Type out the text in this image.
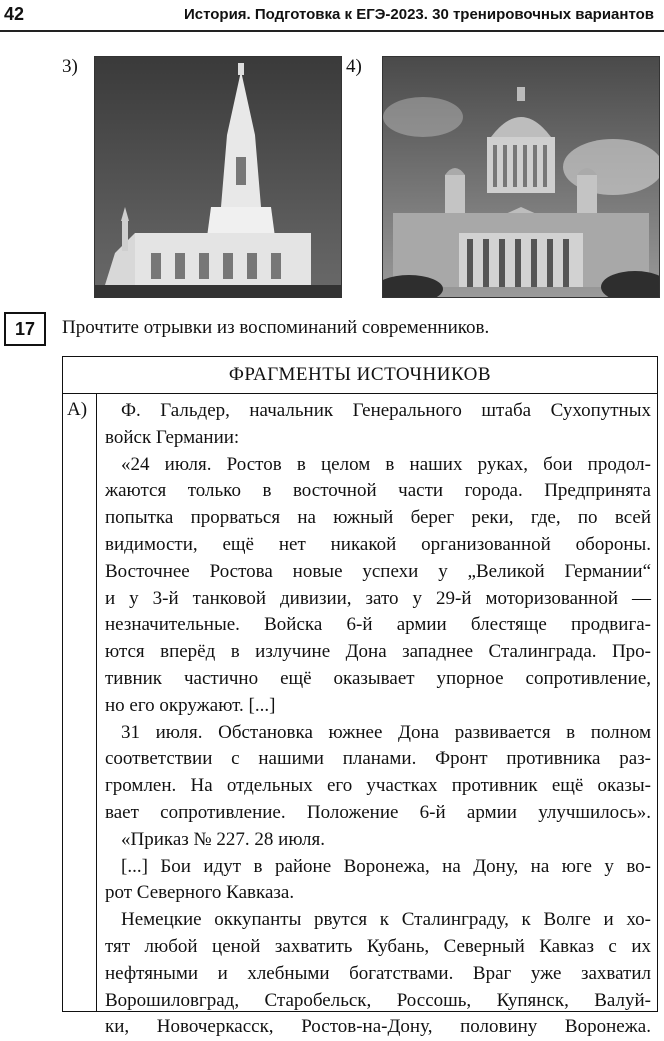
42	История. Подготовка к ЕГЭ-2023. 30 тренировочных вариантов
3)	4)
17	Прочтите отрывки из воспоминаний современников.
ФРАГМЕНТЫ ИСТОЧНИКОВ
А)	Ф. Гальдер, начальник Генерального штаба Сухопутных
войск Германии:
«24 июля. Ростов в целом в наших руках, бои продол-
жаются только в восточной части города. Предпринята
попытка прорваться на южный берег реки, где, по всей
видимости, ещё нет никакой организованной обороны.
Восточнее Ростова новые успехи у „Великой Германии“
и у 3-й танковой дивизии, зато у 29-й моторизованной —
незначительные. Войска 6-й армии блестяще продвига-
ются вперёд в излучине Дона западнее Сталинграда. Про-
тивник частично ещё оказывает упорное сопротивление,
но его окружают. [...]
31 июля. Обстановка южнее Дона развивается в полном
соответствии с нашими планами. Фронт противника раз-
громлен. На отдельных его участках противник ещё оказы-
вает сопротивление. Положение 6-й армии улучшилось».
«Приказ № 227. 28 июля.
[...] Бои идут в районе Воронежа, на Дону, на юге у во-
рот Северного Кавказа.
Немецкие оккупанты рвутся к Сталинграду, к Волге и хо-
тят любой ценой захватить Кубань, Северный Кавказ с их
нефтяными и хлебными богатствами. Враг уже захватил
Ворошиловград, Старобельск, Россошь, Купянск, Валуй-
ки, Новочеркасск, Ростов-на-Дону, половину Воронежа.
